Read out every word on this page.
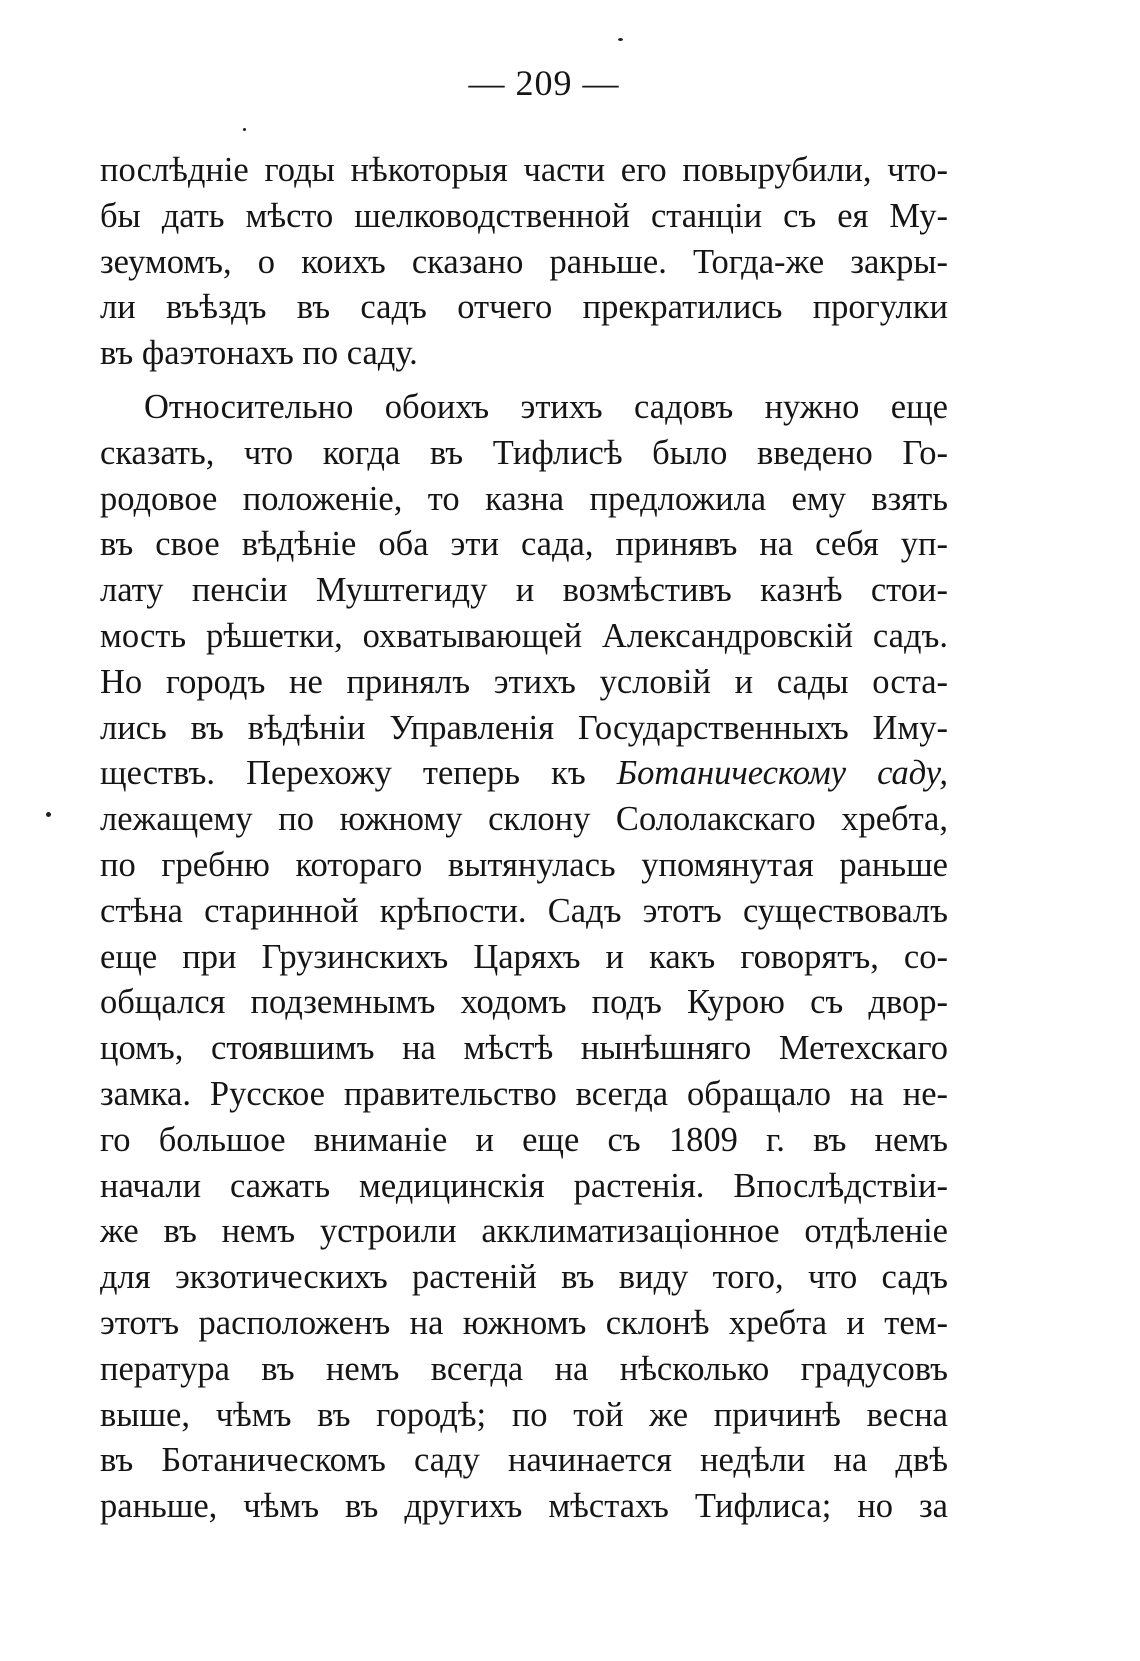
— 209 —
послѣдніе годы нѣкоторыя части его повырубили, что-
бы дать мѣсто шелководственной станціи съ ея Му-
зеумомъ, о коихъ сказано раньше. Тогда-же закры-
ли въѣздъ въ садъ отчего прекратились прогулки
въ фаэтонахъ по саду.
Относительно обоихъ этихъ садовъ нужно еще
сказать, что когда въ Тифлисѣ было введено Го-
родовое положеніе, то казна предложила ему взять
въ свое вѣдѣніе оба эти сада, принявъ на себя уп-
лату пенсіи Муштегиду и возмѣстивъ казнѣ стои-
мость рѣшетки, охватывающей Александровскій садъ.
Но городъ не принялъ этихъ условій и сады оста-
лись въ вѣдѣніи Управленія Государственныхъ Иму-
ществъ. Перехожу теперь къ Ботаническому саду,
лежащему по южному склону Сололакскаго хребта,
по гребню котораго вытянулась упомянутая раньше
стѣна старинной крѣпости. Садъ этотъ существовалъ
еще при Грузинскихъ Царяхъ и какъ говорятъ, со-
общался подземнымъ ходомъ подъ Курою съ двор-
цомъ, стоявшимъ на мѣстѣ нынѣшняго Метехскаго
замка. Русское правительство всегда обращало на не-
го большое вниманіе и еще съ 1809 г. въ немъ
начали сажать медицинскія растенія. Впослѣдствіи-
же въ немъ устроили акклиматизаціонное отдѣленіе
для экзотическихъ растеній въ виду того, что садъ
этотъ расположенъ на южномъ склонѣ хребта и тем-
пература въ немъ всегда на нѣсколько градусовъ
выше, чѣмъ въ городѣ; по той же причинѣ весна
въ Ботаническомъ саду начинается недѣли на двѣ
раньше, чѣмъ въ другихъ мѣстахъ Тифлиса; но за
